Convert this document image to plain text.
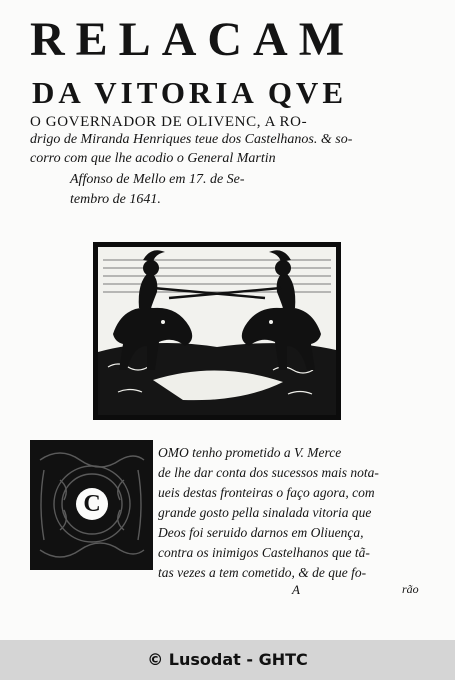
RELACAM
DA VITORIA QVE
O GOVERNADOR DE OLIVENC, A RO-
drigo de Miranda Henriques teue dos Castelhanos. & so-
corro com que lhe acodio o General Martin
Affonso de Mello em 17. de Se-
tembro de 1641.
C
OMO tenho prometido a V. Merce
de lhe dar conta dos sucessos mais nota-
ueis destas fronteiras o faço agora, com
grande gosto pella sinalada vitoria que
Deos foi seruido darnos em Oliuença,
contra os inimigos Castelhanos que tã-
tas vezes a tem cometido, & de que fo-
A	rão
© Lusodat - GHTC
